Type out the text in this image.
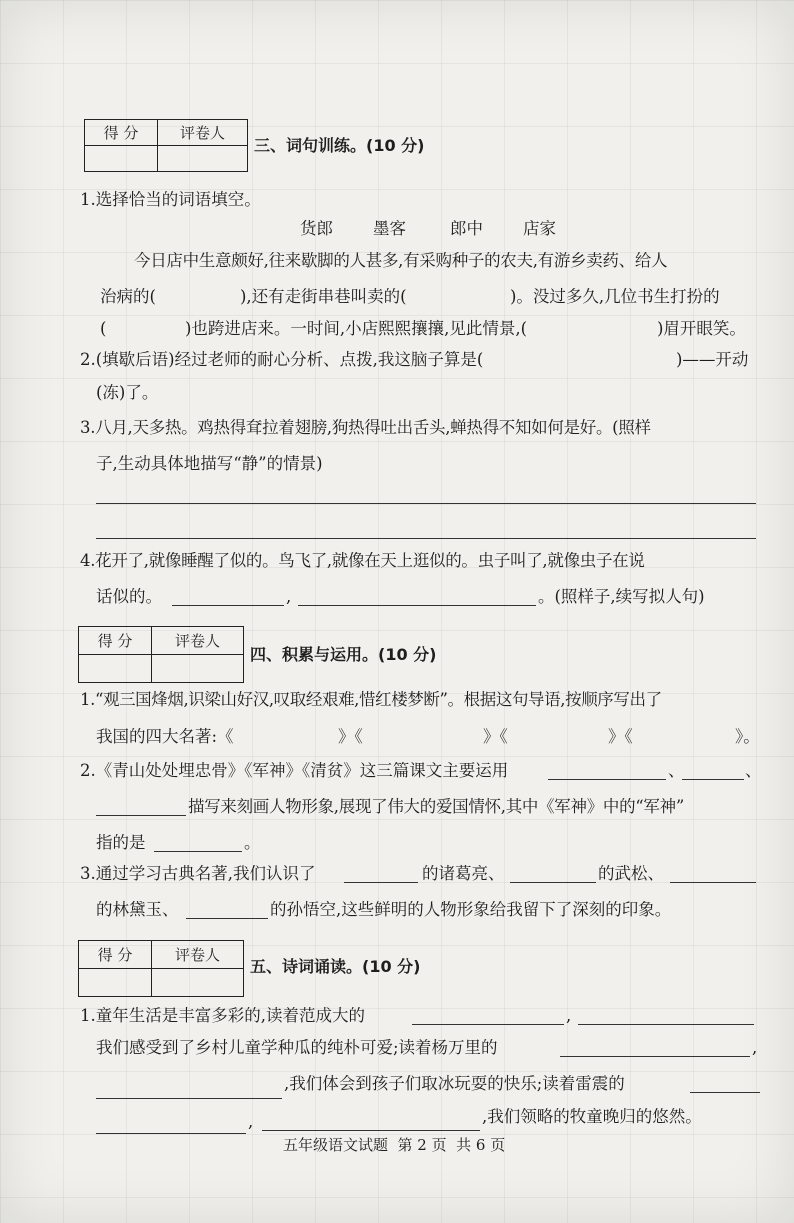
得 分	评卷人

三、词句训练。(10 分)
1.选择恰当的词语填空。
货郎 墨客	郎中 店家
今日店中生意颇好,往来歇脚的人甚多,有采购种子的农夫,有游乡卖药、给人
治病的(	),还有走街串巷叫卖的(	)。没过多久,几位书生打扮的
(	)也跨进店来。一时间,小店熙熙攘攘,见此情景,(	)眉开眼笑。
2.(填歇后语)经过老师的耐心分析、点拨,我这脑子算是(	)——开动
(冻)了。
3.八月,天多热。鸡热得耷拉着翅膀,狗热得吐出舌头,蝉热得不知如何是好。(照样
子,生动具体地描写“静”的情景)
4.花开了,就像睡醒了似的。鸟飞了,就像在天上逛似的。虫子叫了,就像虫子在说
话似的。	,	。(照样子,续写拟人句)
得 分	评卷人

四、积累与运用。(10 分)
1.“观三国烽烟,识梁山好汉,叹取经艰难,惜红楼梦断”。根据这句导语,按顺序写出了
我国的四大名著:《	》《	》《	》《	》。
2.《青山处处埋忠骨》《军神》《清贫》这三篇课文主要运用	、	、
描写来刻画人物形象,展现了伟大的爱国情怀,其中《军神》中的“军神”
指的是	。
3.通过学习古典名著,我们认识了	的诸葛亮、	的武松、
的林黛玉、	的孙悟空,这些鲜明的人物形象给我留下了深刻的印象。
得 分	评卷人

五、诗词诵读。(10 分)
1.童年生活是丰富多彩的,读着范成大的	,
我们感受到了乡村儿童学种瓜的纯朴可爱;读着杨万里的	,
,我们体会到孩子们取冰玩耍的快乐;读着雷震的
,	,我们领略的牧童晚归的悠然。
五年级语文试题  第 2 页  共 6 页
